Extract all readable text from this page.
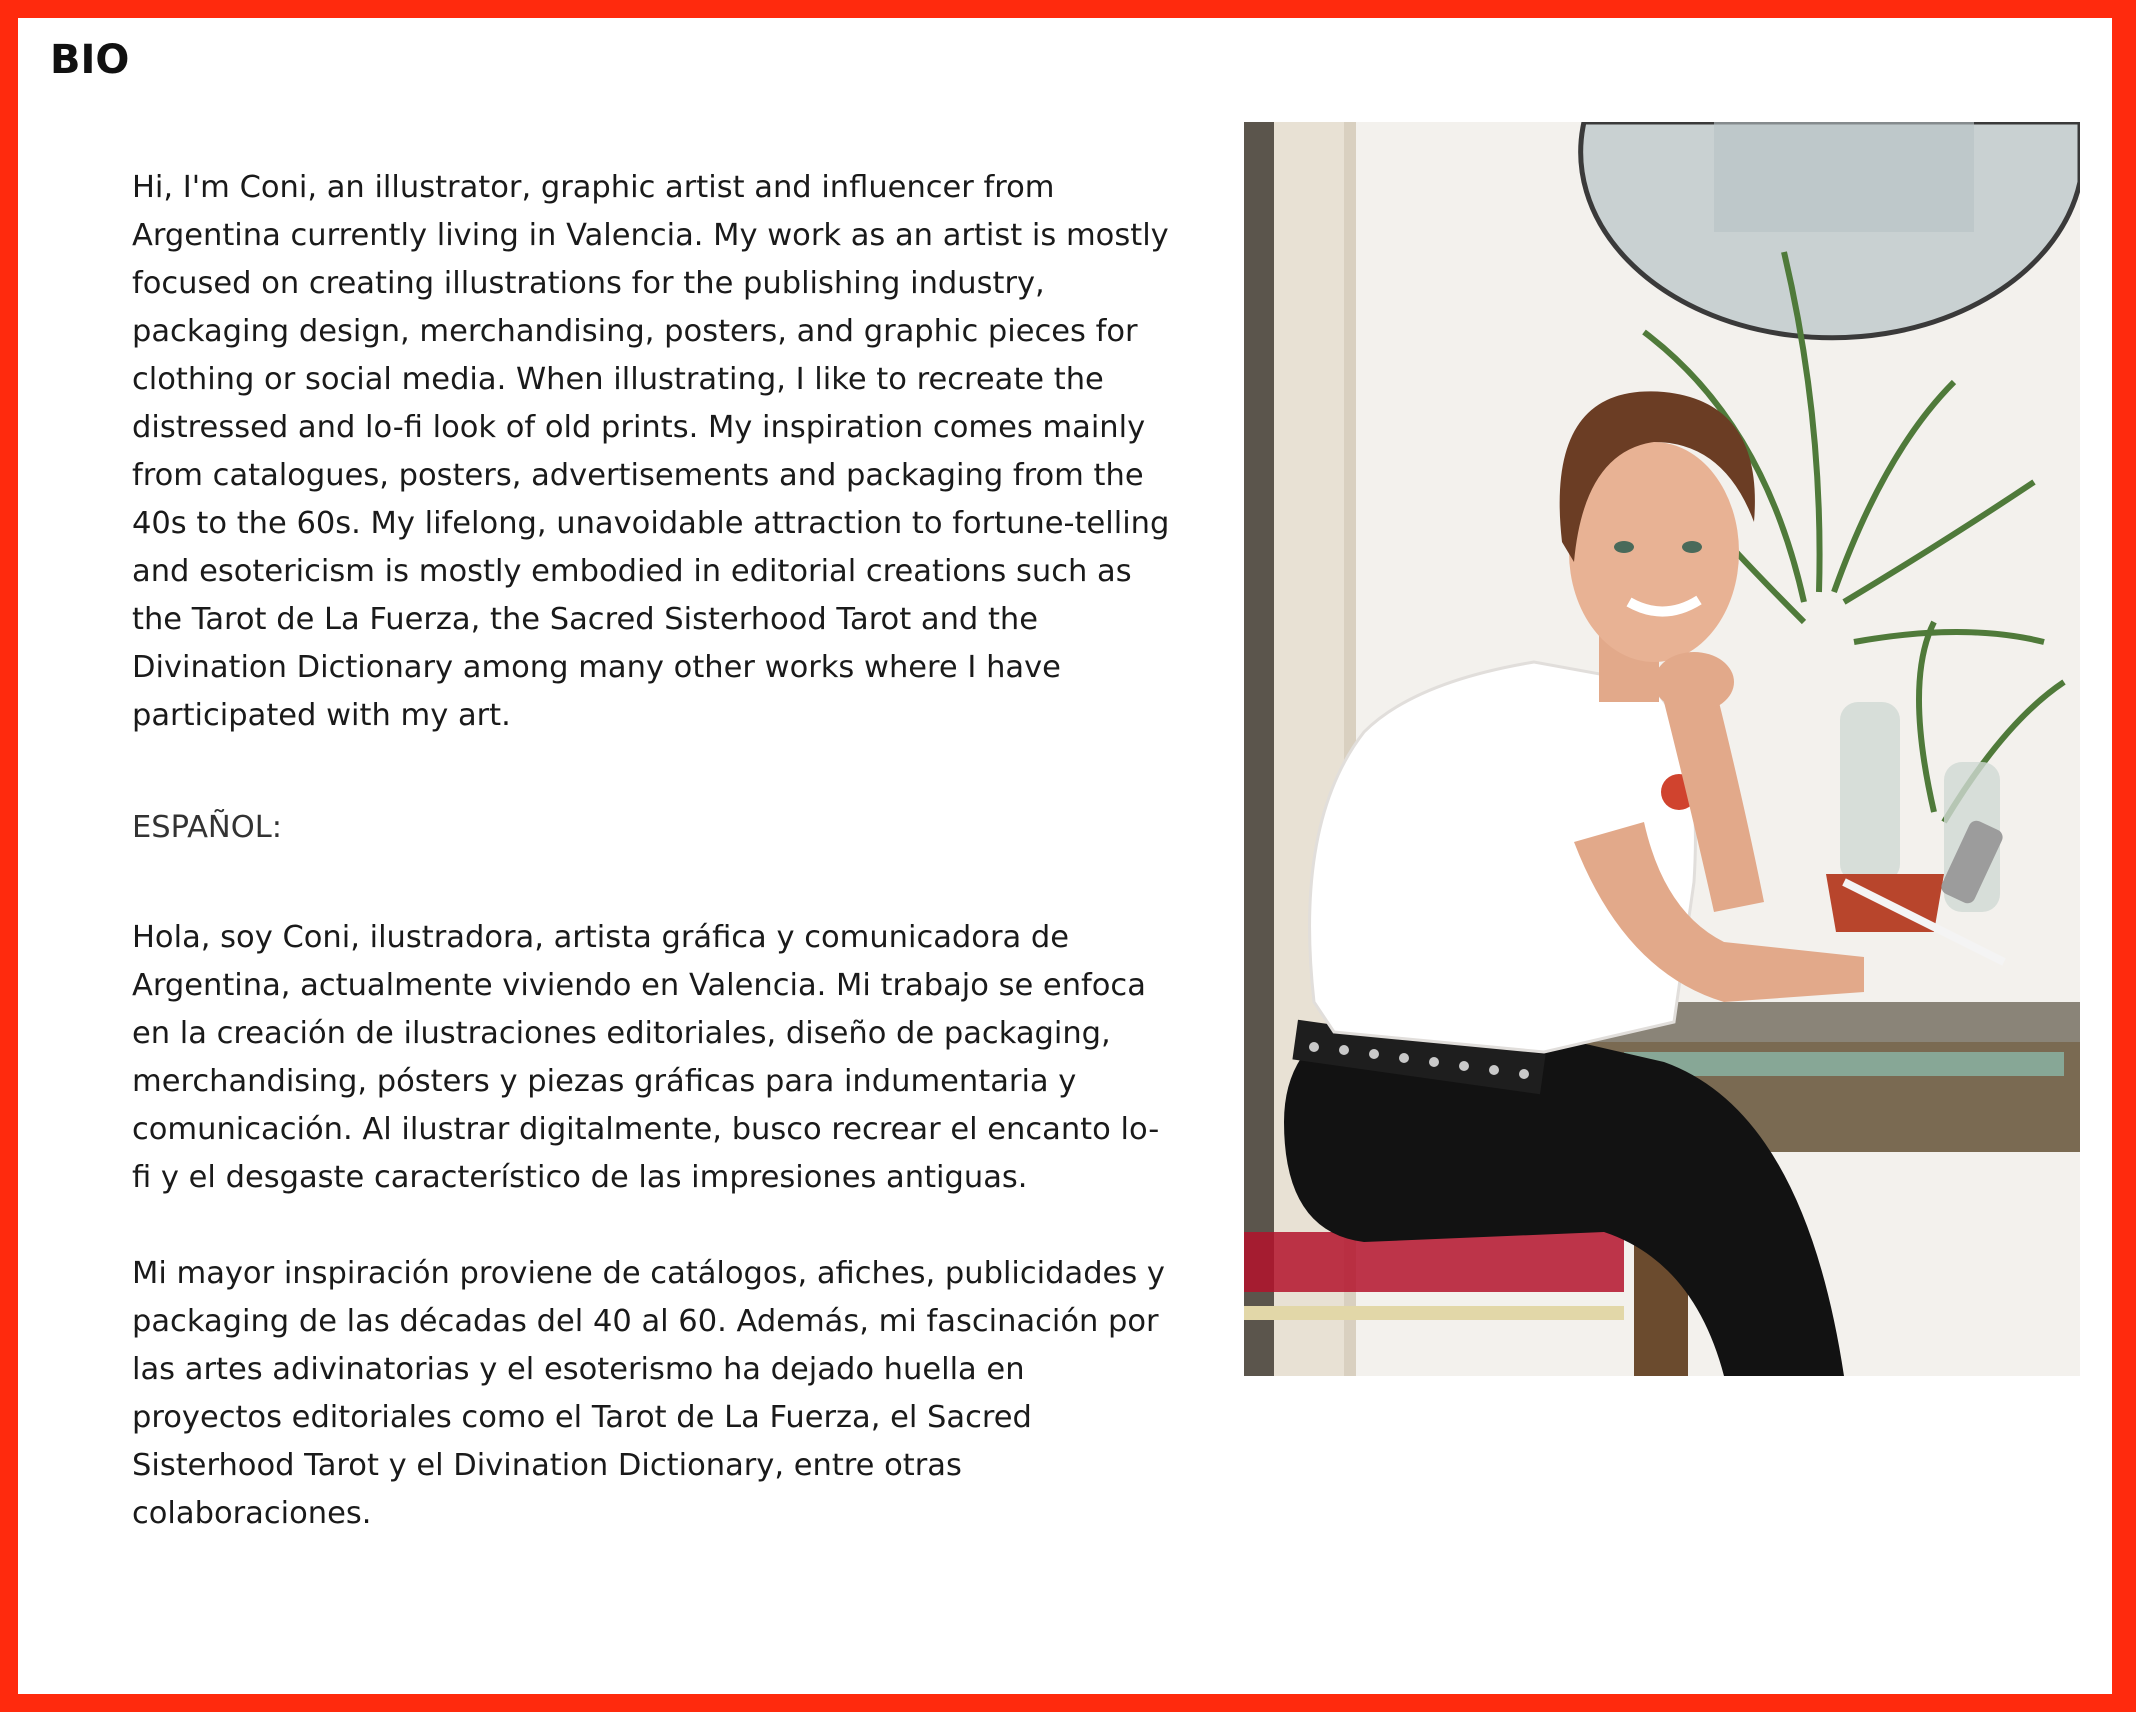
BIO

Hi, I'm Coni, an illustrator, graphic artist and influencer from Argentina currently living in Valencia. My work as an artist is mostly focused on creating illustrations for the publishing industry, packaging design, merchandising, posters, and graphic pieces for clothing or social media. When illustrating, I like to recreate the distressed and lo-fi look of old prints. My inspiration comes mainly from catalogues, posters, advertisements and packaging from the 40s to the 60s. My lifelong, unavoidable attraction to fortune-telling and esotericism is mostly embodied in editorial creations such as the Tarot de La Fuerza, the Sacred Sisterhood Tarot and the Divination Dictionary among many other works where I have participated with my art.

ESPAÑOL:

Hola, soy Coni, ilustradora, artista gráfica y comunicadora de Argentina, actualmente viviendo en Valencia. Mi trabajo se enfoca en la creación de ilustraciones editoriales, diseño de packaging, merchandising, pósters y piezas gráficas para indumentaria y comunicación. Al ilustrar digitalmente, busco recrear el encanto lo-fi y el desgaste característico de las impresiones antiguas.

Mi mayor inspiración proviene de catálogos, afiches, publicidades y packaging de las décadas del 40 al 60. Además, mi fascinación por las artes adivinatorias y el esoterismo ha dejado huella en proyectos editoriales como el Tarot de La Fuerza, el Sacred Sisterhood Tarot y el Divination Dictionary, entre otras colaboraciones.
